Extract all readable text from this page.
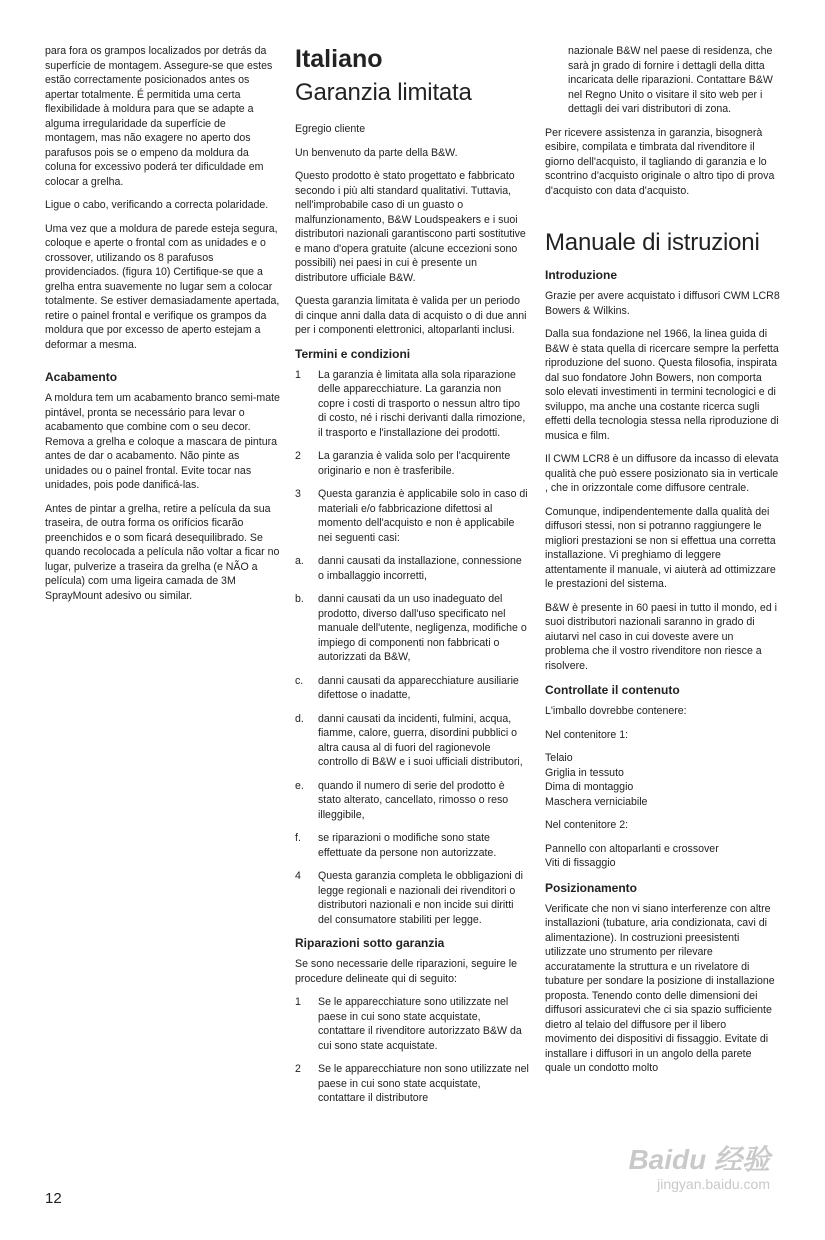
para fora os grampos localizados por detrás da superfície de montagem. Assegure-se que estes estão correctamente posicionados antes os apertar totalmente. É permitida uma certa flexibilidade à moldura para que se adapte a alguma irregularidade da superfície de montagem, mas não exagere no aperto dos parafusos pois se o empeno da moldura da coluna for excessivo poderá ter dificuldade em colocar a grelha.

Ligue o cabo, verificando a correcta polaridade.

Uma vez que a moldura de parede esteja segura, coloque e aperte o frontal com as unidades e o crossover, utilizando os 8 parafusos providenciados. (figura 10) Certifique-se que a grelha entra suavemente no lugar sem a colocar totalmente. Se estiver demasiadamente apertada, retire o painel frontal e verifique os grampos da moldura que por excesso de aperto estejam a deformar a mesma.

Acabamento

A moldura tem um acabamento branco semi-mate pintável, pronta se necessário para levar o acabamento que combine com o seu decor. Remova a grelha e coloque a mascara de pintura antes de dar o acabamento. Não pinte as unidades ou o painel frontal. Evite tocar nas unidades, pois pode danificá-las.

Antes de pintar a grelha, retire a película da sua traseira, de outra forma os orifícios ficarão preenchidos e o som ficará desequilibrado. Se quando recolocada a película não voltar a ficar no lugar, pulverize a traseira da grelha (e NÃO a película) com uma ligeira camada de 3M SprayMount adesivo ou similar.

Italiano
Garanzia limitata

Egregio cliente

Un benvenuto da parte della B&W.

Questo prodotto è stato progettato e fabbricato secondo i più alti standard qualitativi. Tuttavia, nell'improbabile caso di un guasto o malfunzionamento, B&W Loudspeakers e i suoi distributori nazionali garantiscono parti sostitutive e mano d'opera gratuite (alcune eccezioni sono possibili) nei paesi in cui è presente un distributore ufficiale B&W.

Questa garanzia limitata è valida per un periodo di cinque anni dalla data di acquisto o di due anni per i componenti elettronici, altoparlanti inclusi.

Termini e condizioni
1	La garanzia è limitata alla sola riparazione delle apparecchiature. La garanzia non copre i costi di trasporto o nessun altro tipo di costo, né i rischi derivanti dalla rimozione, il trasporto e l'installazione dei prodotti.
2	La garanzia è valida solo per l'acquirente originario e non è trasferibile.
3	Questa garanzia è applicabile solo in caso di materiali e/o fabbricazione difettosi al momento dell'acquisto e non è applicabile nei seguenti casi:
a.	danni causati da installazione, connessione o imballaggio incorretti,
b.	danni causati da un uso inadeguato del prodotto, diverso dall'uso specificato nel manuale dell'utente, negligenza, modifiche o impiego di componenti non fabbricati o autorizzati da B&W,
c.	danni causati da apparecchiature ausiliarie difettose o inadatte,
d.	danni causati da incidenti, fulmini, acqua, fiamme, calore, guerra, disordini pubblici o altra causa al di fuori del ragionevole controllo di B&W e i suoi ufficiali distributori,
e.	quando il numero di serie del prodotto è stato alterato, cancellato, rimosso o reso illeggibile,
f.	se riparazioni o modifiche sono state effettuate da persone non autorizzate.
4	Questa garanzia completa le obbligazioni di legge regionali e nazionali dei rivenditori o distributori nazionali e non incide sui diritti del consumatore stabiliti per legge.
Riparazioni sotto garanzia

Se sono necessarie delle riparazioni, seguire le procedure delineate qui di seguito:

1	Se le apparecchiature sono utilizzate nel paese in cui sono state acquistate, contattare il rivenditore autorizzato B&W da cui sono state acquistate.
2	Se le apparecchiature non sono utilizzate nel paese in cui sono state acquistate, contattare il distributore

nazionale B&W nel paese di residenza, che sarà jn grado di fornire i dettagli della ditta incaricata delle riparazioni. Contattare B&W nel Regno Unito o visitare il sito web per i dettagli dei vari distributori di zona.

Per ricevere assistenza in garanzia, bisognerà esibire, compilata e timbrata dal rivenditore il giorno dell'acquisto, il tagliando di garanzia e lo scontrino d'acquisto originale o altro tipo di prova d'acquisto con data d'acquisto.

Manuale di istruzioni
Introduzione

Grazie per avere acquistato i diffusori CWM LCR8 Bowers & Wilkins.

Dalla sua fondazione nel 1966, la linea guida di B&W è stata quella di ricercare sempre la perfetta riproduzione del suono. Questa filosofia, inspirata dal suo fondatore John Bowers, non comporta solo elevati investimenti in termini tecnologici e di sviluppo, ma anche una costante ricerca sugli effetti della tecnologia stessa nella riproduzione di musica e film.

Il CWM LCR8 è un diffusore da incasso di elevata qualità che può essere posizionato sia in verticale , che in orizzontale come diffusore centrale.

Comunque, indipendentemente dalla qualità dei diffusori stessi, non si potranno raggiungere le migliori prestazioni se non si effettua una corretta installazione. Vi preghiamo di leggere attentamente il manuale, vi aiuterà ad ottimizzare le prestazioni del sistema.

B&W è presente in 60 paesi in tutto il mondo, ed i suoi distributori nazionali saranno in grado di aiutarvi nel caso in cui doveste avere un problema che il vostro rivenditore non riesce a risolvere.

Controllate il contenuto

L'imballo dovrebbe contenere:

Nel contenitore 1:

Telaio
Griglia in tessuto
Dima di montaggio
Maschera verniciabile

Nel contenitore 2:

Pannello con altoparlanti e crossover
Viti di fissaggio

Posizionamento

Verificate che non vi siano interferenze con altre installazioni (tubature, aria condizionata, cavi di alimentazione). In costruzioni preesistenti utilizzate uno strumento per rilevare accuratamente la struttura e un rivelatore di tubature per sondare la posizione di installazione proposta. Tenendo conto delle dimensioni dei diffusori assicuratevi che ci sia spazio sufficiente dietro al telaio del diffusore per il libero movimento dei dispositivi di fissaggio. Evitate di installare i diffusori in un angolo della parete quale un condotto molto

12
Baidu 经验
jingyan.baidu.com
